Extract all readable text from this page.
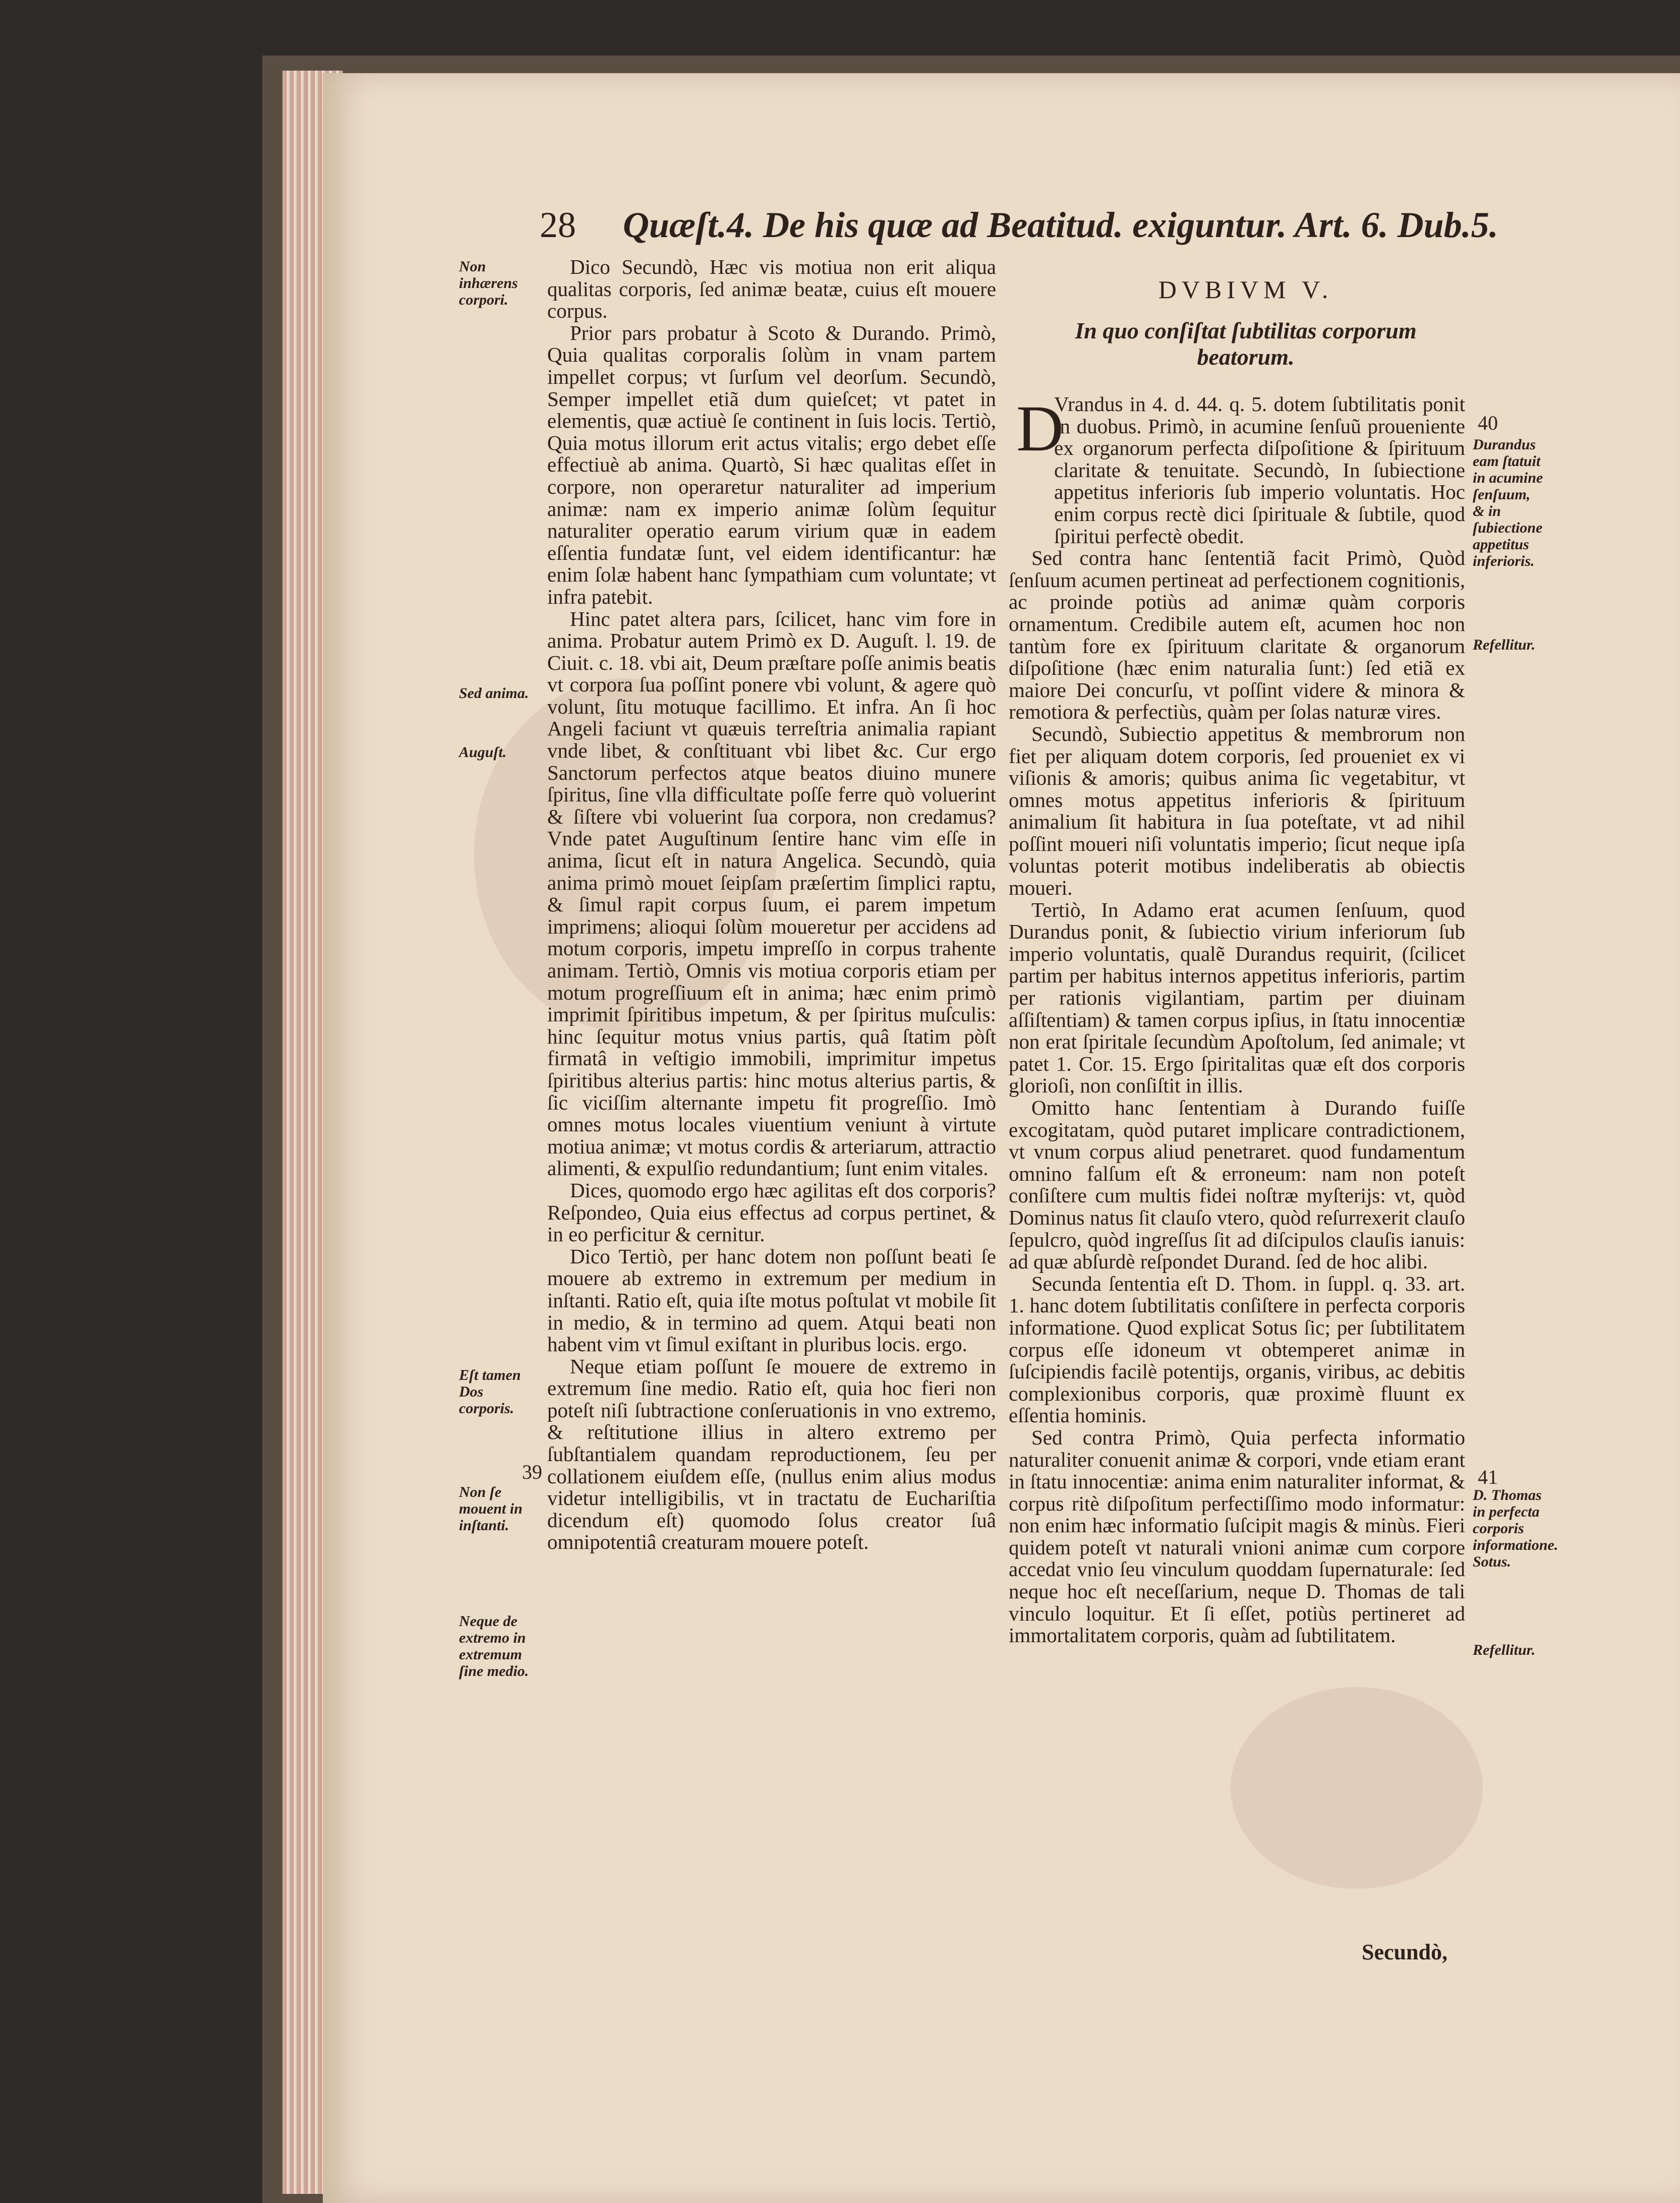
28 Quæſt.4. De his quæ ad Beatitud. exiguntur. Art. 6. Dub.5.

Dico Secundò, Hæc vis motiua non erit aliqua qualitas corporis, ſed animæ beatæ, cuius eſt mouere corpus.

Prior pars probatur à Scoto & Durando. Primò, Quia qualitas corporalis ſolùm in vnam partem impellet corpus; vt ſurſum vel deorſum. Secundò, Semper impellet etiã dum quieſcet; vt patet in elementis, quæ actiuè ſe continent in ſuis locis. Tertiò, Quia motus illorum erit actus vitalis; ergo debet eſſe effectiuè ab anima. Quartò, Si hæc qualitas eſſet in corpore, non operaretur naturaliter ad imperium animæ: nam ex imperio animæ ſolùm ſequitur naturaliter operatio earum virium quæ in eadem eſſentia fundatæ ſunt, vel eidem identificantur: hæ enim ſolæ habent hanc ſympathiam cum voluntate; vt infra patebit.

Hinc patet altera pars, ſcilicet, hanc vim fore in anima. Probatur autem Primò ex D. Auguſt. l. 19. de Ciuit. c. 18. vbi ait, Deum præſtare poſſe animis beatis vt corpora ſua poſſint ponere vbi volunt, & agere quò volunt, ſitu motuque facillimo. Et infra. An ſi hoc Angeli faciunt vt quæuis terreſtria animalia rapiant vnde libet, & conſtituant vbi libet &c. Cur ergo Sanctorum perfectos atque beatos diuino munere ſpiritus, ſine vlla difficultate poſſe ferre quò voluerint & ſiſtere vbi voluerint ſua corpora, non credamus? Vnde patet Auguſtinum ſentire hanc vim eſſe in anima, ſicut eſt in natura Angelica. Secundò, quia anima primò mouet ſeipſam præſertim ſimplici raptu, & ſimul rapit corpus ſuum, ei parem impetum imprimens; alioqui ſolùm moueretur per accidens ad motum corporis, impetu impreſſo in corpus trahente animam. Tertiò, Omnis vis motiua corporis etiam per motum progreſſiuum eſt in anima; hæc enim primò imprimit ſpiritibus impetum, & per ſpiritus muſculis: hinc ſequitur motus vnius partis, quâ ſtatim pòſt firmatâ in veſtigio immobili, imprimitur impetus ſpiritibus alterius partis: hinc motus alterius partis, & ſic viciſſim alternante impetu fit progreſſio. Imò omnes motus locales viuentium veniunt à virtute motiua animæ; vt motus cordis & arteriarum, attractio alimenti, & expulſio redundantium; ſunt enim vitales.

Dices, quomodo ergo hæc agilitas eſt dos corporis? Reſpondeo, Quia eius effectus ad corpus pertinet, & in eo perficitur & cernitur.

Dico Tertiò, per hanc dotem non poſſunt beati ſe mouere ab extremo in extremum per medium in inſtanti. Ratio eſt, quia iſte motus poſtulat vt mobile ſit in medio, & in termino ad quem. Atqui beati non habent vim vt ſimul exiſtant in pluribus locis. ergo.

Neque etiam poſſunt ſe mouere de extremo in extremum ſine medio. Ratio eſt, quia hoc fieri non poteſt niſi ſubtractione conſeruationis in vno extremo, & reſtitutione illius in altero extremo per ſubſtantialem quandam reproductionem, ſeu per collationem eiuſdem eſſe, (nullus enim alius modus videtur intelligibilis, vt in tractatu de Euchariſtia dicendum eſt) quomodo ſolus creator ſuâ omnipotentiâ creaturam mouere poteſt.

DVBIVM V.
In quo conſiſtat ſubtilitas corporum beatorum.
D

Vrandus in 4. d. 44. q. 5. dotem ſubtilitatis ponit in duobus. Primò, in acumine ſenſuũ proueniente ex organorum perfecta diſpoſitione & ſpirituum claritate & tenuitate. Secundò, In ſubiectione appetitus inferioris ſub imperio voluntatis. Hoc enim corpus rectè dici ſpirituale & ſubtile, quod ſpiritui perfectè obedit.

Sed contra hanc ſententiã facit Primò, Quòd ſenſuum acumen pertineat ad perfectionem cognitionis, ac proinde potiùs ad animæ quàm corporis ornamentum. Credibile autem eſt, acumen hoc non tantùm fore ex ſpirituum claritate & organorum diſpoſitione (hæc enim naturalia ſunt:) ſed etiã ex maiore Dei concurſu, vt poſſint videre & minora & remotiora & perfectiùs, quàm per ſolas naturæ vires.

Secundò, Subiectio appetitus & membrorum non fiet per aliquam dotem corporis, ſed proueniet ex vi viſionis & amoris; quibus anima ſic vegetabitur, vt omnes motus appetitus inferioris & ſpirituum animalium ſit habitura in ſua poteſtate, vt ad nihil poſſint moueri niſi voluntatis imperio; ſicut neque ipſa voluntas poterit motibus indeliberatis ab obiectis moueri.

Tertiò, In Adamo erat acumen ſenſuum, quod Durandus ponit, & ſubiectio virium inferiorum ſub imperio voluntatis, qualẽ Durandus requirit, (ſcilicet partim per habitus internos appetitus inferioris, partim per rationis vigilantiam, partim per diuinam aſſiſtentiam) & tamen corpus ipſius, in ſtatu innocentiæ non erat ſpiritale ſecundùm Apoſtolum, ſed animale; vt patet 1. Cor. 15. Ergo ſpiritalitas quæ eſt dos corporis glorioſi, non conſiſtit in illis.

Omitto hanc ſententiam à Durando fuiſſe excogitatam, quòd putaret implicare contradictionem, vt vnum corpus aliud penetraret. quod fundamentum omnino falſum eſt & erroneum: nam non poteſt conſiſtere cum multis fidei noſtræ myſterijs: vt, quòd Dominus natus ſit clauſo vtero, quòd reſurrexerit clauſo ſepulcro, quòd ingreſſus ſit ad diſcipulos clauſis ianuis: ad quæ abſurdè reſpondet Durand. ſed de hoc alibi.

Secunda ſententia eſt D. Thom. in ſuppl. q. 33. art. 1. hanc dotem ſubtilitatis conſiſtere in perfecta corporis informatione. Quod explicat Sotus ſic; per ſubtilitatem corpus eſſe idoneum vt obtemperet animæ in ſuſcipiendis facilè potentijs, organis, viribus, ac debitis complexionibus corporis, quæ proximè fluunt ex eſſentia hominis.

Sed contra Primò, Quia perfecta informatio naturaliter conuenit animæ & corpori, vnde etiam erant in ſtatu innocentiæ: anima enim naturaliter informat, & corpus ritè diſpoſitum perfectiſſimo modo informatur: non enim hæc informatio ſuſcipit magis & minùs. Fieri quidem poteſt vt naturali vnioni animæ cum corpore accedat vnio ſeu vinculum quoddam ſupernaturale: ſed neque hoc eſt neceſſarium, neque D. Thomas de tali vinculo loquitur. Et ſi eſſet, potiùs pertineret ad immortalitatem corporis, quàm ad ſubtilitatem.

Non inhærens corpori.
Sed anima.
Auguſt.
Eſt tamen Dos corporis.
Non ſe mouent in inſtanti.
Neque de extremo in extremum ſine medio.
Durandus eam ſtatuit in acumine ſenſuum, & in ſubiectione appetitus inferioris.
Refellitur.
D. Thomas in perfecta corporis informatione. Sotus.
Refellitur.
39
40
41
Secundò,
